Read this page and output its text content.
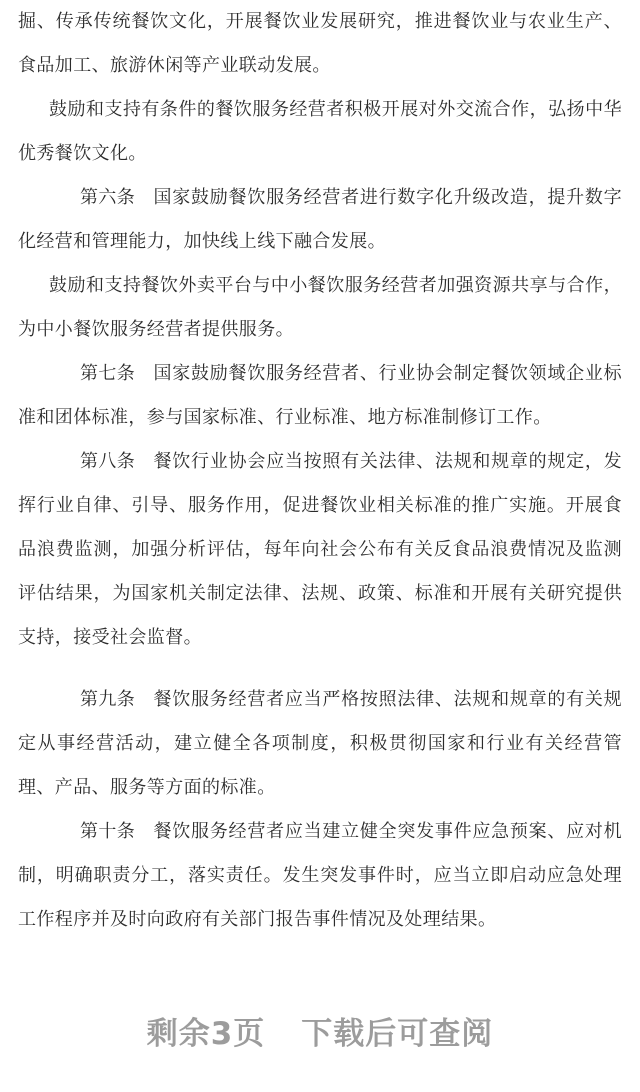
掘、传承传统餐饮文化，开展餐饮业发展研究，推进餐饮业与农业生产、食品加工、旅游休闲等产业联动发展。

鼓励和支持有条件的餐饮服务经营者积极开展对外交流合作，弘扬中华优秀餐饮文化。

第六条 国家鼓励餐饮服务经营者进行数字化升级改造，提升数字化经营和管理能力，加快线上线下融合发展。

鼓励和支持餐饮外卖平台与中小餐饮服务经营者加强资源共享与合作，为中小餐饮服务经营者提供服务。

第七条 国家鼓励餐饮服务经营者、行业协会制定餐饮领域企业标准和团体标准，参与国家标准、行业标准、地方标准制修订工作。

第八条 餐饮行业协会应当按照有关法律、法规和规章的规定，发挥行业自律、引导、服务作用，促进餐饮业相关标准的推广实施。开展食品浪费监测，加强分析评估，每年向社会公布有关反食品浪费情况及监测评估结果，为国家机关制定法律、法规、政策、标准和开展有关研究提供支持，接受社会监督。

第九条 餐饮服务经营者应当严格按照法律、法规和规章的有关规定从事经营活动，建立健全各项制度，积极贯彻国家和行业有关经营管理、产品、服务等方面的标准。

第十条 餐饮服务经营者应当建立健全突发事件应急预案、应对机制，明确职责分工，落实责任。发生突发事件时，应当立即启动应急处理工作程序并及时向政府有关部门报告事件情况及处理结果。

剩余3页 下载后可查阅
